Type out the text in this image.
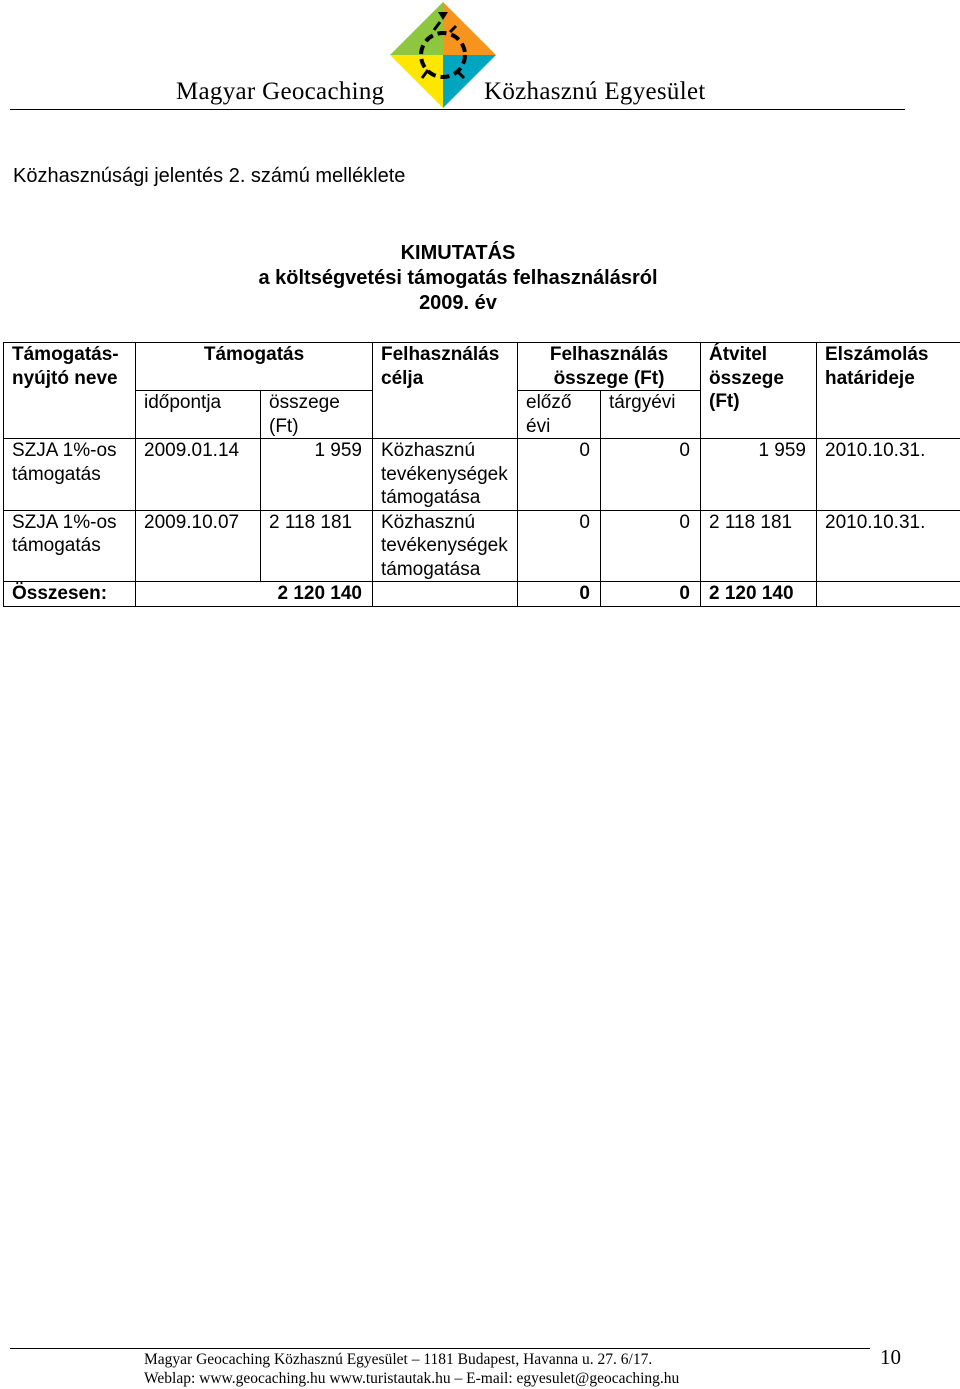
Magyar Geocaching	Közhasznú Egyesület
Közhasznúsági jelentés 2. számú melléklete
KIMUTATÁS
a költségvetési támogatás felhasználásról
2009. év
Támogatás-nyújtó neve	Támogatás		Felhasználás célja	Felhasználás összege (Ft)		Átvitel összege (Ft)	Elszámolás határideje
	időpontja	összege (Ft)		előző évi	tárgyévi		
SZJA 1%-os támogatás	2009.01.14	1 959	Közhasznú tevékenységek támogatása	0	0	1 959	2010.10.31.
SZJA 1%-os támogatás	2009.10.07	2 118 181	Közhasznú tevékenységek támogatása	0	0	2 118 181	2010.10.31.
Összesen:	2 120 140			0	0	2 120 140	
Magyar Geocaching Közhasznú Egyesület – 1181 Budapest, Havanna u. 27. 6/17.
Weblap: www.geocaching.hu www.turistautak.hu – E-mail: egyesulet@geocaching.hu
10
